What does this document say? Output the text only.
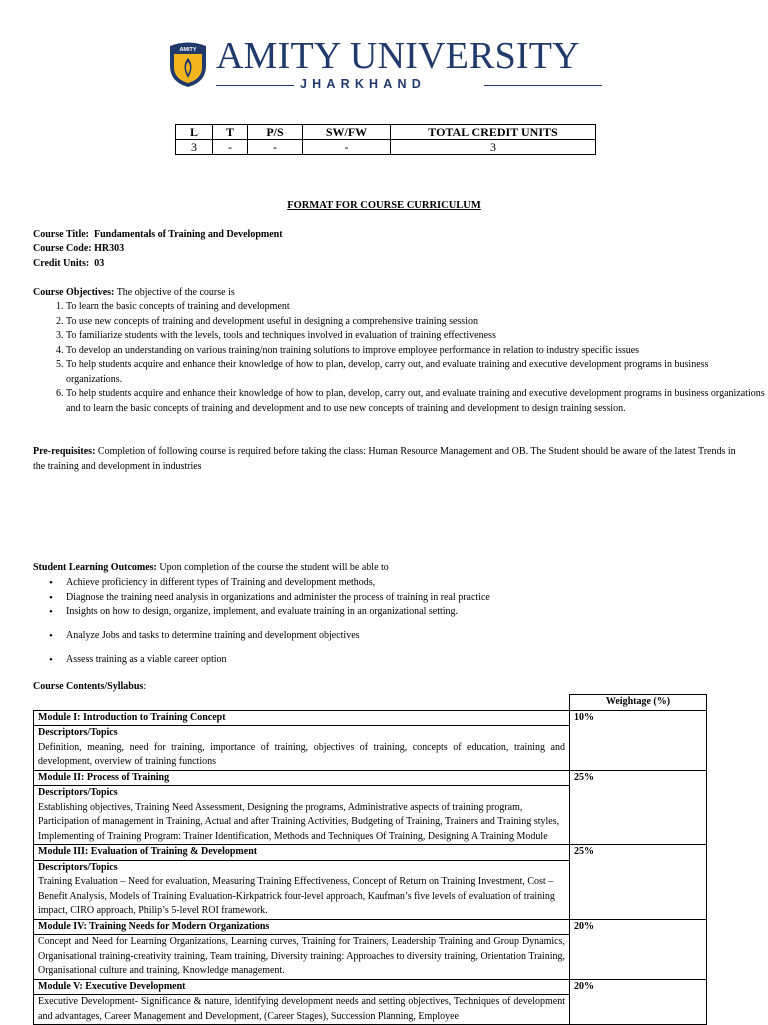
AMITY AMITY UNIVERSITY
JHARKHAND
L	T	P/S	SW/FW	TOTAL CREDIT UNITS
3	-	-	-	3
FORMAT FOR COURSE CURRICULUM
Course Title: Fundamentals of Training and Development
Course Code: HR303
Credit Units: 03
Course Objectives: The objective of the course is
1. To learn the basic concepts of training and development
2. To use new concepts of training and development useful in designing a comprehensive training session
3. To familiarize students with the levels, tools and techniques involved in evaluation of training effectiveness
4. To develop an understanding on various training/non training solutions to improve employee performance in relation to industry specific issues
5. To help students acquire and enhance their knowledge of how to plan, develop, carry out, and evaluate training and executive development programs in business organizations.
6. To help students acquire and enhance their knowledge of how to plan, develop, carry out, and evaluate training and executive development programs in business organizations and to learn the basic concepts of training and development and to use new concepts of training and development to design training session.
Pre-requisites: Completion of following course is required before taking the class: Human Resource Management and OB. The Student should be aware of the latest Trends in the training and development in industries
Student Learning Outcomes: Upon completion of the course the student will be able to
• Achieve proficiency in different types of Training and development methods,
• Diagnose the training need analysis in organizations and administer the process of training in real practice
• Insights on how to design, organize, implement, and evaluate training in an organizational setting.
• Analyze Jobs and tasks to determine training and development objectives
• Assess training as a viable career option
Course Contents/Syllabus:
	Weightage (%)
Module I: Introduction to Training Concept	10%

Descriptors/Topics
Definition, meaning, need for training, importance of training, objectives of training, concepts of education, training and development, overview of training functions	

Module II: Process of Training	25%

Descriptors/Topics
Establishing objectives, Training Need Assessment, Designing the programs, Administrative aspects of training program, Participation of management in Training, Actual and after Training Activities, Budgeting of Training, Trainers and Training styles, Implementing of Training Program: Trainer Identification, Methods and Techniques Of Training, Designing A Training Module	

Module III: Evaluation of Training & Development	25%

Descriptors/Topics
Training Evaluation – Need for evaluation, Measuring Training Effectiveness, Concept of Return on Training Investment, Cost – Benefit Analysis, Models of Training Evaluation-Kirkpatrick four-level approach, Kaufman’s five levels of evaluation of training impact, CIRO approach, Philip’s 5-level ROI framework.	

Module IV: Training Needs for Modern Organizations	20%
Concept and Need for Learning Organizations, Learning curves, Training for Trainers, Leadership Training and Group Dynamics, Organisational training-creativity training, Team training, Diversity training: Approaches to diversity training, Orientation Training, Organisational culture and training, Knowledge management.	
Module V: Executive Development	20%
Executive Development- Significance & nature, identifying development needs and setting objectives, Techniques of development and advantages, Career Management and Development, (Career Stages), Succession Planning, Employee	
